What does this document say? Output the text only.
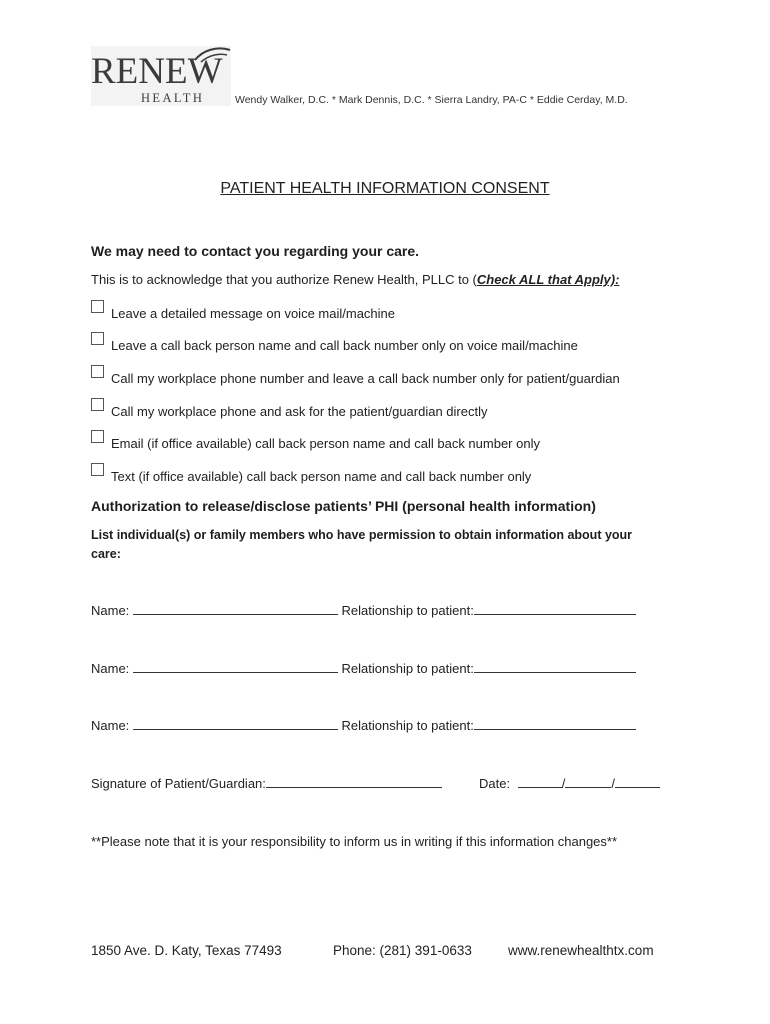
RENEW
HEALTH	Wendy Walker, D.C. * Mark Dennis, D.C. * Sierra Landry, PA-C * Eddie Cerday, M.D.
PATIENT HEALTH INFORMATION CONSENT
We may need to contact you regarding your care.
This is to acknowledge that you authorize Renew Health, PLLC to (Check ALL that Apply):
Leave a detailed message on voice mail/machine
Leave a call back person name and call back number only on voice mail/machine
Call my workplace phone number and leave a call back number only for patient/guardian
Call my workplace phone and ask for the patient/guardian directly
Email (if office available) call back person name and call back number only
Text (if office available) call back person name and call back number only
Authorization to release/disclose patients’ PHI (personal health information)
List individual(s) or family members who have permission to obtain information about your
care:
Name:	Relationship to patient:
Name:	Relationship to patient:
Name:	Relationship to patient:
Signature of Patient/Guardian:	Date:	/	/
**Please note that it is your responsibility to inform us in writing if this information changes**
1850 Ave. D. Katy, Texas 77493	Phone: (281) 391-0633	www.renewhealthtx.com
